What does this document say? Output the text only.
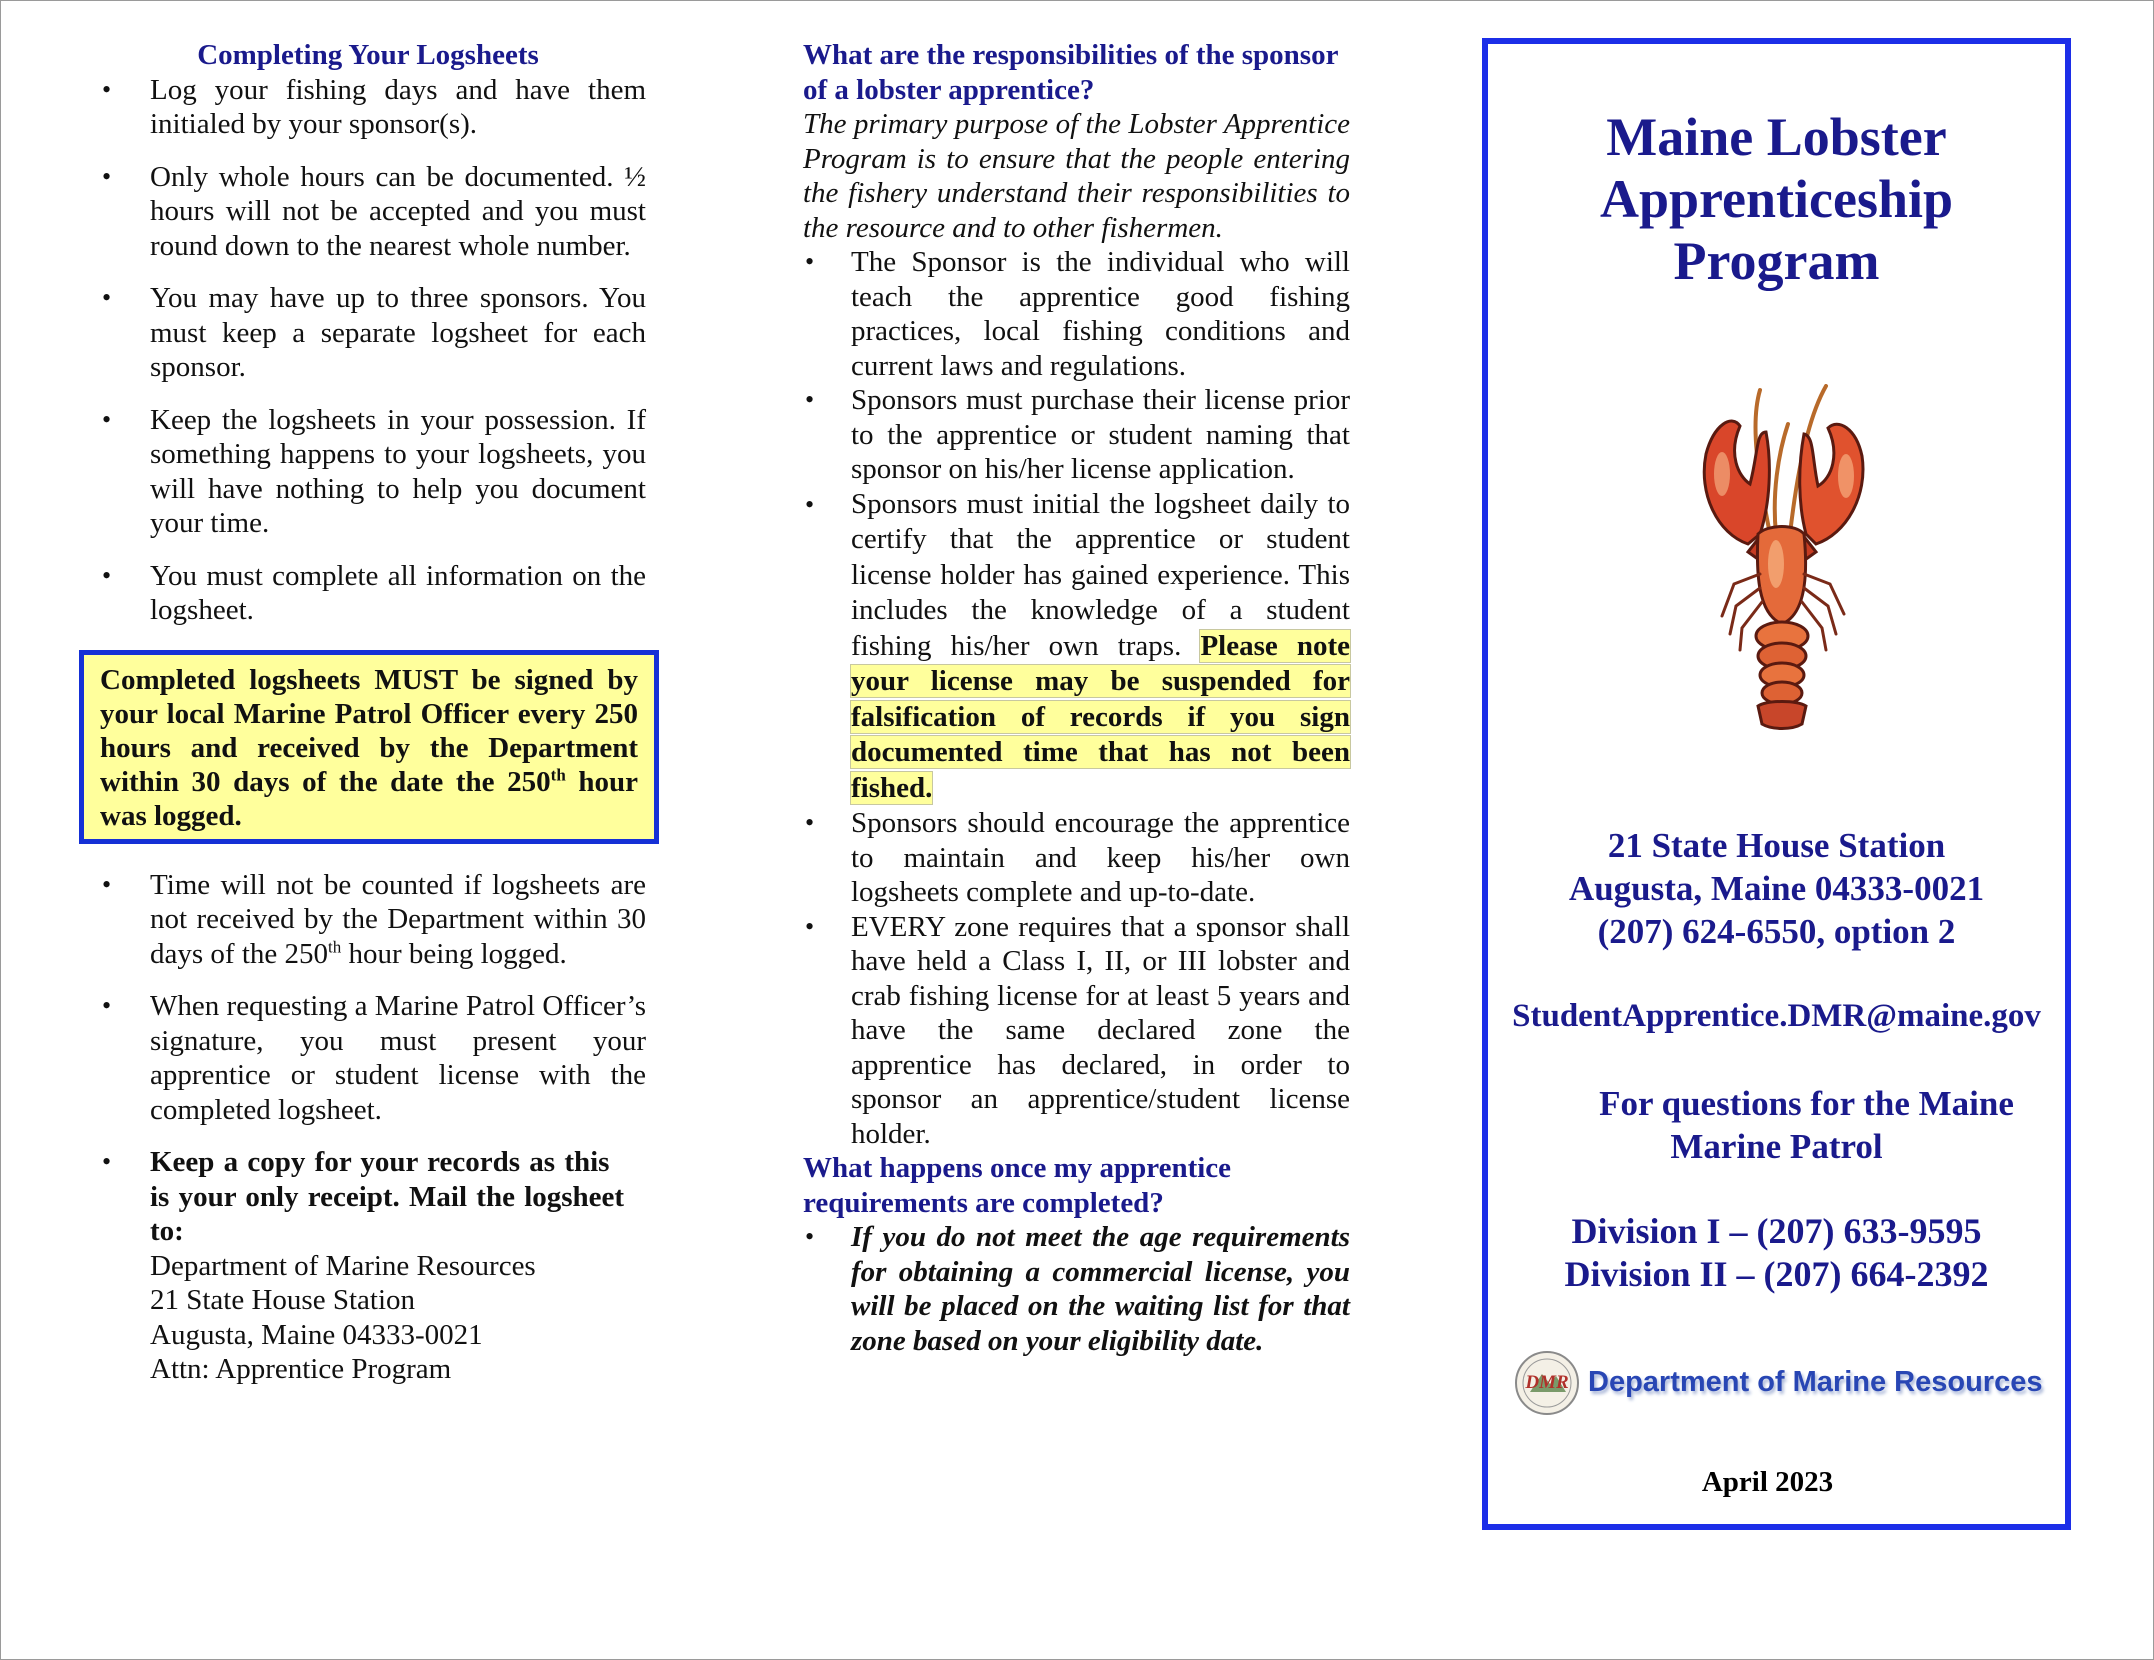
Completing Your Logsheets
• Log your fishing days and have them initialed by your sponsor(s).
• Only whole hours can be documented. ½ hours will not be accepted and you must round down to the nearest whole number.
• You may have up to three sponsors. You must keep a separate logsheet for each sponsor.
• Keep the logsheets in your possession. If something happens to your logsheets, you will have nothing to help you document your time.
• You must complete all information on the logsheet.
Completed logsheets MUST be signed by your local Marine Patrol Officer every 250 hours and received by the Department within 30 days of the date the 250th hour was logged.
• Time will not be counted if logsheets are not received by the Department within 30 days of the 250th hour being logged.
• When requesting a Marine Patrol Officer’s signature, you must present your apprentice or student license with the completed logsheet.
• Keep a copy for your records as this is your only receipt. Mail the logsheet to:
Department of Marine Resources
21 State House Station
Augusta, Maine 04333-0021
Attn: Apprentice Program
What are the responsibilities of the sponsor of a lobster apprentice?
The primary purpose of the Lobster Apprentice Program is to ensure that the people entering the fishery understand their responsibilities to the resource and to other fishermen.
• The Sponsor is the individual who will teach the apprentice good fishing practices, local fishing conditions and current laws and regulations.
• Sponsors must purchase their license prior to the apprentice or student naming that sponsor on his/her license application.
• Sponsors must initial the logsheet daily to certify that the apprentice or student license holder has gained experience. This includes the knowledge of a student fishing his/her own traps. Please note your license may be suspended for falsification of records if you sign documented time that has not been fished.
• Sponsors should encourage the apprentice to maintain and keep his/her own logsheets complete and up-to-date.
• EVERY zone requires that a sponsor shall have held a Class I, II, or III lobster and crab fishing license for at least 5 years and have the same declared zone the apprentice has declared, in order to sponsor an apprentice/student license holder.
What happens once my apprentice requirements are completed?
• If you do not meet the age requirements for obtaining a commercial license, you will be placed on the waiting list for that zone based on your eligibility date.
Maine Lobster
Apprenticeship
Program
21 State House Station
Augusta, Maine 04333-0021
(207) 624-6550, option 2
StudentApprentice.DMR@maine.gov
For questions for the Maine
Marine Patrol
Division I – (207) 633-9595
Division II – (207) 664-2392
DMR Department of Marine Resources
April 2023
